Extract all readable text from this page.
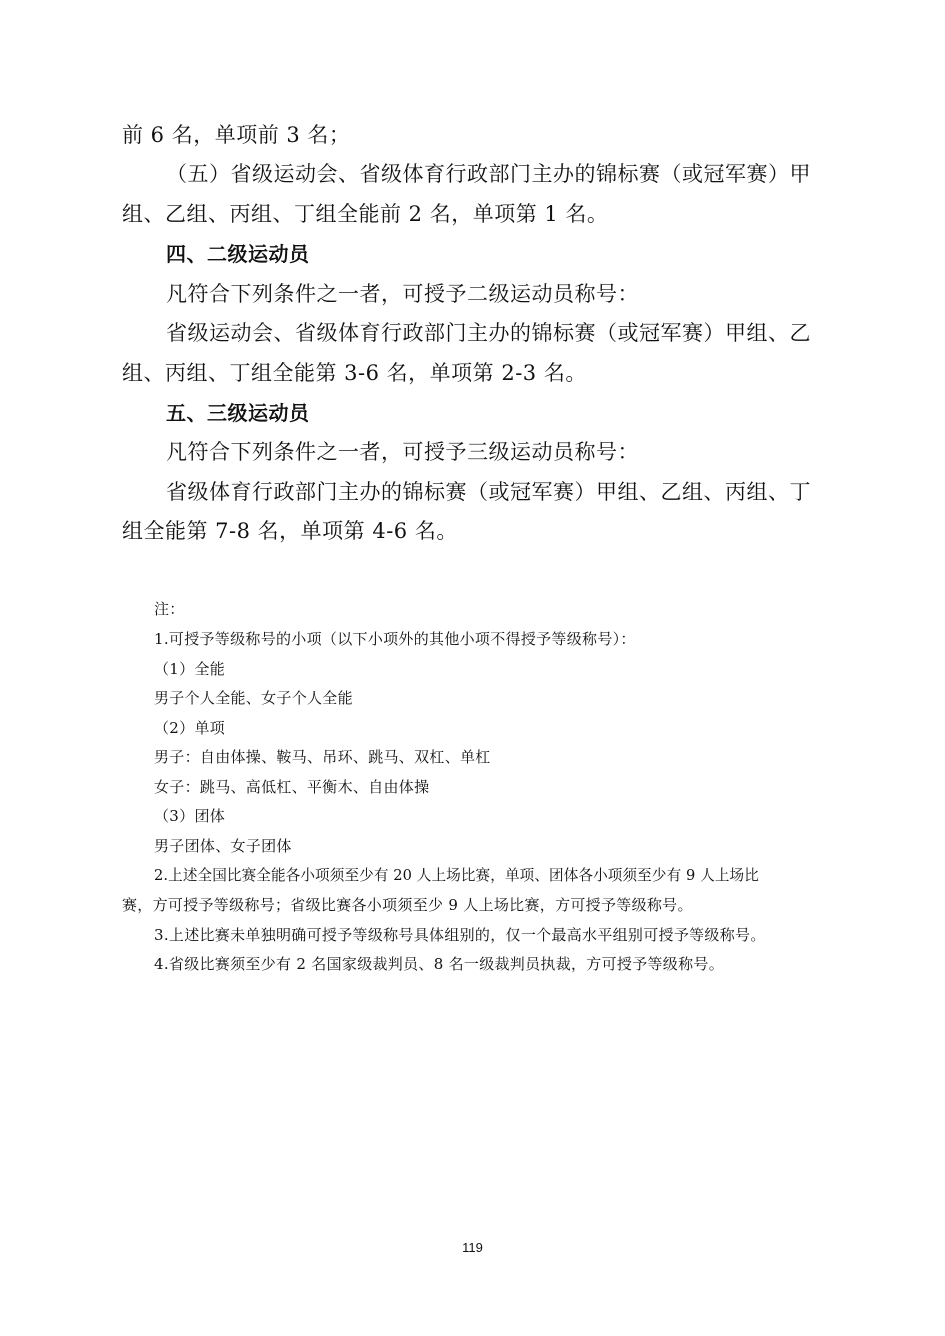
前 6 名，单项前 3 名；
（五）省级运动会、省级体育行政部门主办的锦标赛（或冠军赛）甲
组、乙组、丙组、丁组全能前 2 名，单项第 1 名。
四、二级运动员
凡符合下列条件之一者，可授予二级运动员称号：
省级运动会、省级体育行政部门主办的锦标赛（或冠军赛）甲组、乙
组、丙组、丁组全能第 3-6 名，单项第 2-3 名。
五、三级运动员
凡符合下列条件之一者，可授予三级运动员称号：
省级体育行政部门主办的锦标赛（或冠军赛）甲组、乙组、丙组、丁
组全能第 7-8 名，单项第 4-6 名。
注：
1.可授予等级称号的小项（以下小项外的其他小项不得授予等级称号）：
（1）全能
男子个人全能、女子个人全能
（2）单项
男子：自由体操、鞍马、吊环、跳马、双杠、单杠
女子：跳马、高低杠、平衡木、自由体操
（3）团体
男子团体、女子团体
2.上述全国比赛全能各小项须至少有 20 人上场比赛，单项、团体各小项须至少有 9 人上场比
赛，方可授予等级称号；省级比赛各小项须至少 9 人上场比赛，方可授予等级称号。
3.上述比赛未单独明确可授予等级称号具体组别的，仅一个最高水平组别可授予等级称号。
4.省级比赛须至少有 2 名国家级裁判员、8 名一级裁判员执裁，方可授予等级称号。
119
